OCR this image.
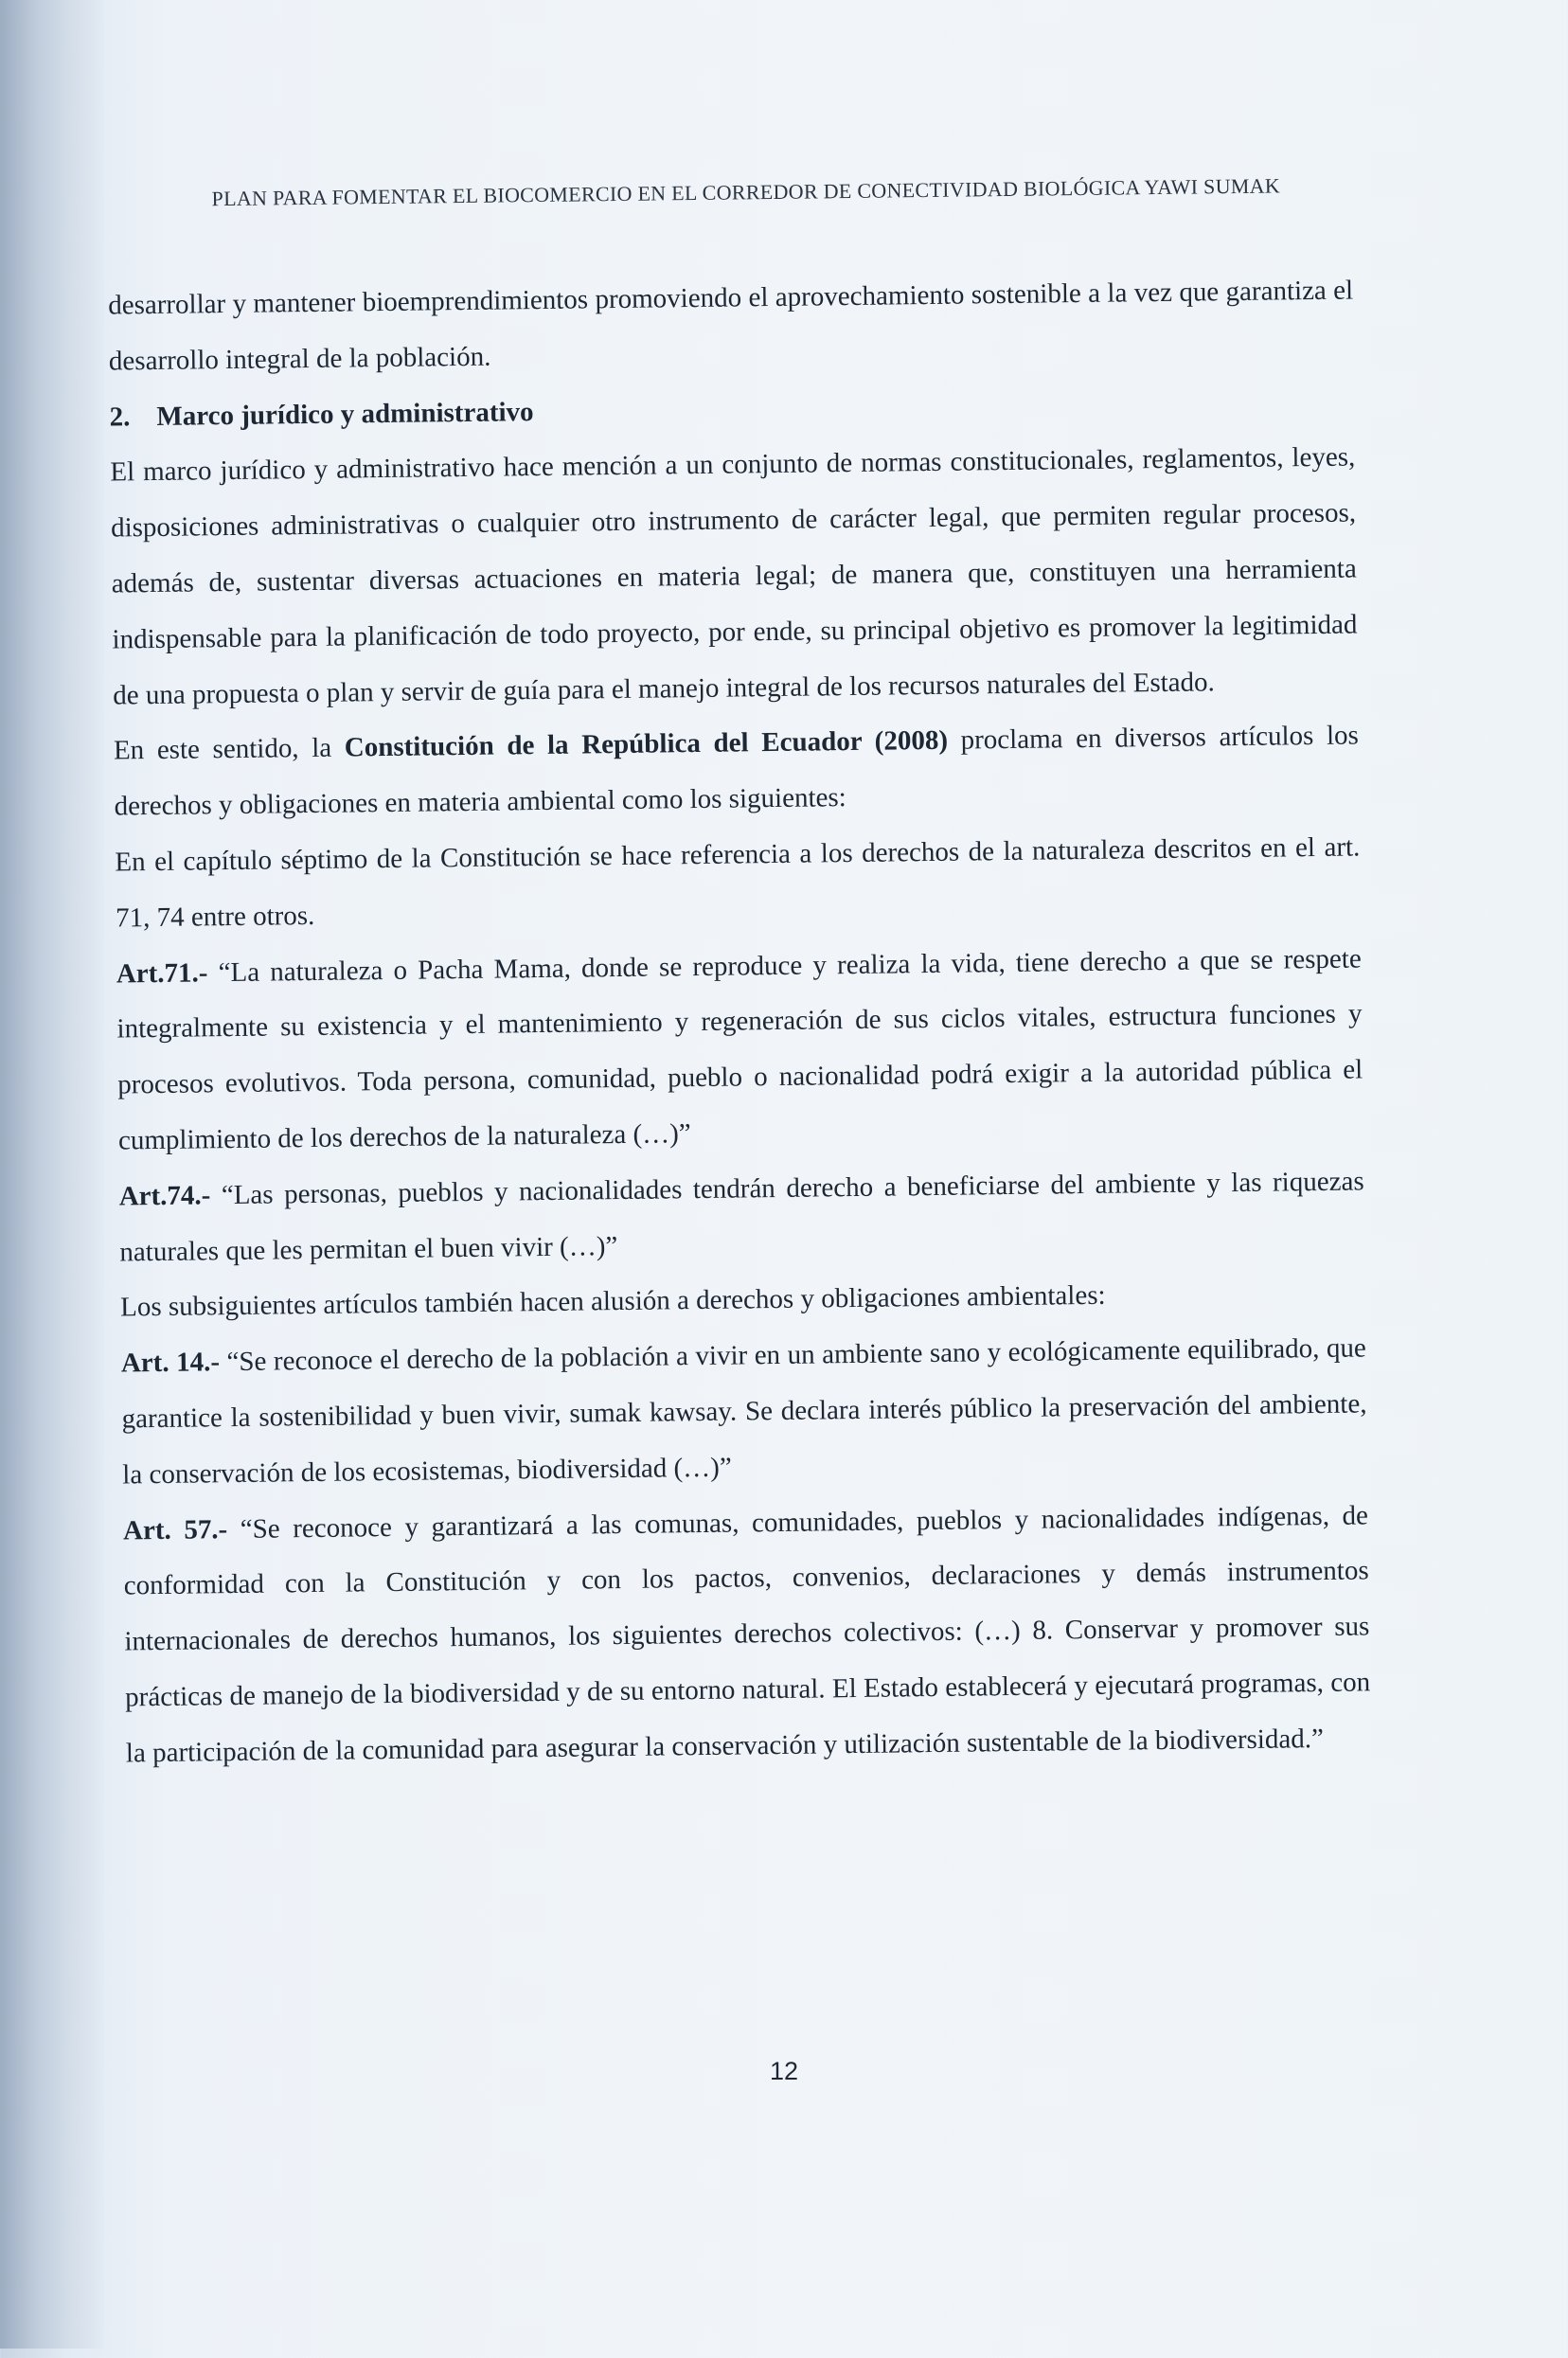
PLAN PARA FOMENTAR EL BIOCOMERCIO EN EL CORREDOR DE CONECTIVIDAD BIOLÓGICA YAWI SUMAK

desarrollar y mantener bioemprendimientos promoviendo el aprovechamiento sostenible a la vez que garantiza el desarrollo integral de la población.

2. Marco jurídico y administrativo

El marco jurídico y administrativo hace mención a un conjunto de normas constitucionales, reglamentos, leyes, disposiciones administrativas o cualquier otro instrumento de carácter legal, que permiten regular procesos, además de, sustentar diversas actuaciones en materia legal; de manera que, constituyen una herramienta indispensable para la planificación de todo proyecto, por ende, su principal objetivo es promover la legitimidad de una propuesta o plan y servir de guía para el manejo integral de los recursos naturales del Estado.

En este sentido, la Constitución de la República del Ecuador (2008) proclama en diversos artículos los derechos y obligaciones en materia ambiental como los siguientes:

En el capítulo séptimo de la Constitución se hace referencia a los derechos de la naturaleza descritos en el art. 71, 74 entre otros.

Art.71.- “La naturaleza o Pacha Mama, donde se reproduce y realiza la vida, tiene derecho a que se respete integralmente su existencia y el mantenimiento y regeneración de sus ciclos vitales, estructura funciones y procesos evolutivos. Toda persona, comunidad, pueblo o nacionalidad podrá exigir a la autoridad pública el cumplimiento de los derechos de la naturaleza (…)”

Art.74.- “Las personas, pueblos y nacionalidades tendrán derecho a beneficiarse del ambiente y las riquezas naturales que les permitan el buen vivir (…)”

Los subsiguientes artículos también hacen alusión a derechos y obligaciones ambientales:

Art. 14.- “Se reconoce el derecho de la población a vivir en un ambiente sano y ecológicamente equilibrado, que garantice la sostenibilidad y buen vivir, sumak kawsay. Se declara interés público la preservación del ambiente, la conservación de los ecosistemas, biodiversidad (…)”

Art. 57.- “Se reconoce y garantizará a las comunas, comunidades, pueblos y nacionalidades indígenas, de conformidad con la Constitución y con los pactos, convenios, declaraciones y demás instrumentos internacionales de derechos humanos, los siguientes derechos colectivos: (…) 8. Conservar y promover sus prácticas de manejo de la biodiversidad y de su entorno natural. El Estado establecerá y ejecutará programas, con la participación de la comunidad para asegurar la conservación y utilización sustentable de la biodiversidad.”

12
